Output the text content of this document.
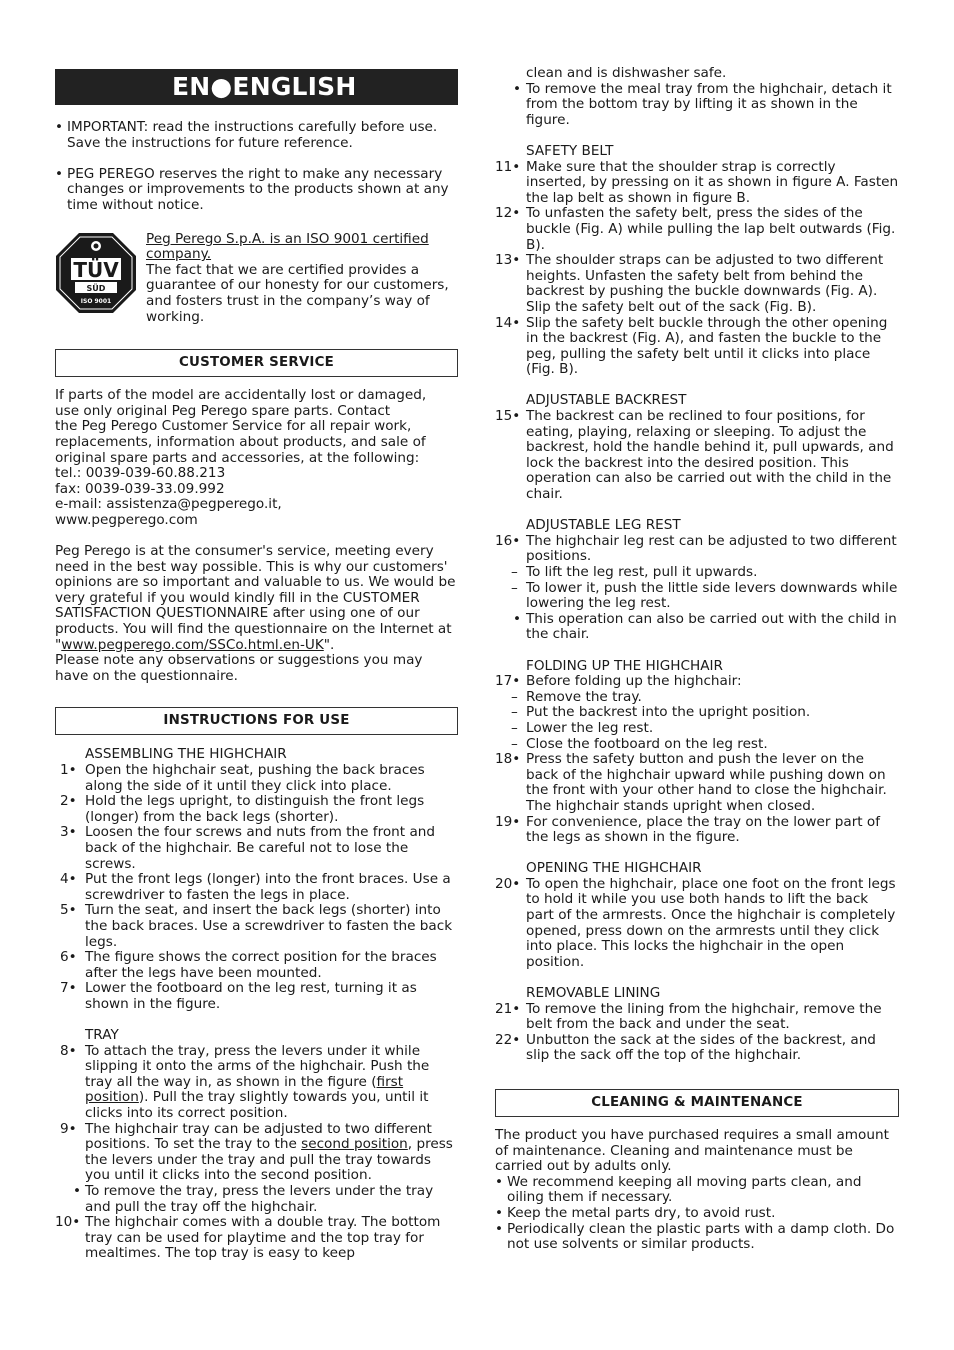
EN●ENGLISH
• IMPORTANT: read the instructions carefully before use. Save the instructions for future reference.
• PEG PEREGO reserves the right to make any necessary changes or improvements to the products shown at any time without notice.
TÜV
SÜD
ISO 9001
Peg Perego S.p.A. is an ISO 9001 certified company.
The fact that we are certified provides a guarantee of our honesty for our customers, and fosters trust in the company’s way of working.
CUSTOMER SERVICE
If parts of the model are accidentally lost or damaged,
use only original Peg Perego spare parts. Contact
the Peg Perego Customer Service for all repair work,
replacements, information about products, and sale of
original spare parts and accessories, at the following:
tel.: 0039-039-60.88.213
fax: 0039-039-33.09.992
e-mail: assistenza@pegperego.it,
www.pegperego.com
Peg Perego is at the consumer's service, meeting every need in the best way possible. This is why our customers' opinions are so important and valuable to us. We would be very grateful if you would kindly fill in the CUSTOMER SATISFACTION QUESTIONNAIRE after using one of our products. You will find the questionnaire on the Internet at "www.pegperego.com/SSCo.html.en-UK".
Please note any observations or suggestions you may have on the questionnaire.
INSTRUCTIONS FOR USE
ASSEMBLING THE HIGHCHAIR
1• Open the highchair seat, pushing the back braces along the side of it until they click into place.
2• Hold the legs upright, to distinguish the front legs (longer) from the back legs (shorter).
3• Loosen the four screws and nuts from the front and back of the highchair. Be careful not to lose the screws.
4• Put the front legs (longer) into the front braces. Use a screwdriver to fasten the legs in place.
5• Turn the seat, and insert the back legs (shorter) into the back braces. Use a screwdriver to fasten the back legs.
6• The figure shows the correct position for the braces after the legs have been mounted.
7• Lower the footboard on the leg rest, turning it as shown in the figure.
TRAY
8• To attach the tray, press the levers under it while slipping it onto the arms of the highchair. Push the tray all the way in, as shown in the figure (first position). Pull the tray slightly towards you, until it clicks into its correct position.
9• The highchair tray can be adjusted to two different positions. To set the tray to the second position, press the levers under the tray and pull the tray towards you until it clicks into the second position.
• To remove the tray, press the levers under the tray and pull the tray off the highchair.
10• The highchair comes with a double tray. The bottom tray can be used for playtime and the top tray for mealtimes. The top tray is easy to keep
clean and is dishwasher safe.
• To remove the meal tray from the highchair, detach it from the bottom tray by lifting it as shown in the figure.
SAFETY BELT
11• Make sure that the shoulder strap is correctly inserted, by pressing on it as shown in figure A. Fasten the lap belt as shown in figure B.
12• To unfasten the safety belt, press the sides of the buckle (Fig. A) while pulling the lap belt outwards (Fig. B).
13• The shoulder straps can be adjusted to two different heights. Unfasten the safety belt from behind the backrest by pushing the buckle downwards (Fig. A). Slip the safety belt out of the sack (Fig. B).
14• Slip the safety belt buckle through the other opening in the backrest (Fig. A), and fasten the buckle to the peg, pulling the safety belt until it clicks into place (Fig. B).
ADJUSTABLE BACKREST
15• The backrest can be reclined to four positions, for eating, playing, relaxing or sleeping. To adjust the backrest, hold the handle behind it, pull upwards, and lock the backrest into the desired position. This operation can also be carried out with the child in the chair.
ADJUSTABLE LEG REST
16• The highchair leg rest can be adjusted to two different positions.
– To lift the leg rest, pull it upwards.
– To lower it, push the little side levers downwards while lowering the leg rest.
• This operation can also be carried out with the child in the chair.
FOLDING UP THE HIGHCHAIR
17• Before folding up the highchair:
– Remove the tray.
– Put the backrest into the upright position.
– Lower the leg rest.
– Close the footboard on the leg rest.
18• Press the safety button and push the lever on the back of the highchair upward while pushing down on the front with your other hand to close the highchair. The highchair stands upright when closed.
19• For convenience, place the tray on the lower part of the legs as shown in the figure.
OPENING THE HIGHCHAIR
20• To open the highchair, place one foot on the front legs to hold it while you use both hands to lift the back part of the armrests. Once the highchair is completely opened, press down on the armrests until they click into place. This locks the highchair in the open position.
REMOVABLE LINING
21• To remove the lining from the highchair, remove the belt from the back and under the seat.
22• Unbutton the sack at the sides of the backrest, and slip the sack off the top of the highchair.
CLEANING & MAINTENANCE
The product you have purchased requires a small amount of maintenance. Cleaning and maintenance must be carried out by adults only.
• We recommend keeping all moving parts clean, and oiling them if necessary.
• Keep the metal parts dry, to avoid rust.
• Periodically clean the plastic parts with a damp cloth. Do not use solvents or similar products.
